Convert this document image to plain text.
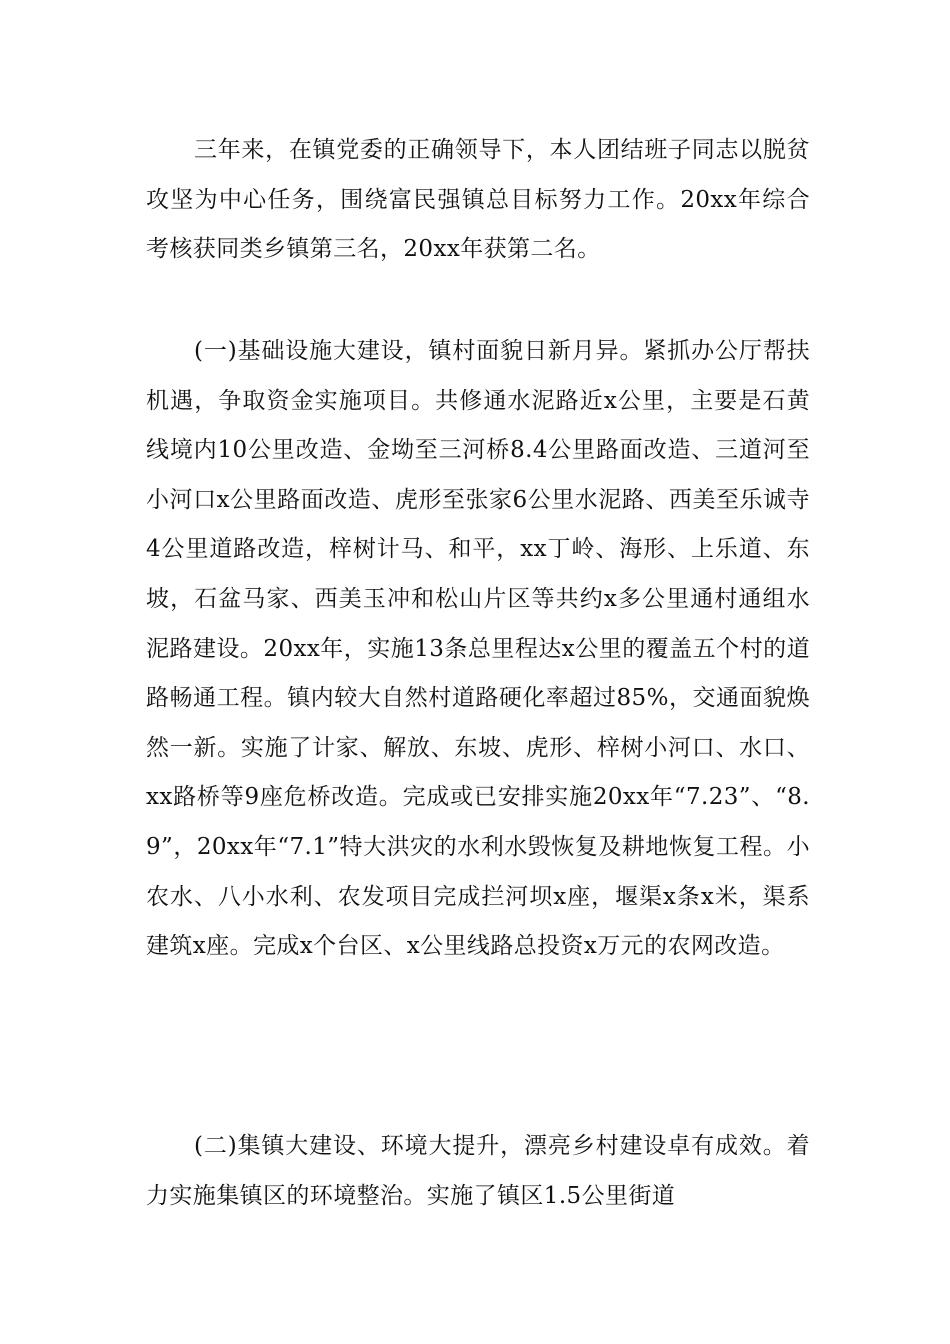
三年来，在镇党委的正确领导下，本人团结班子同志以脱贫攻坚为中心任务，围绕富民强镇总目标努力工作。20xx年综合考核获同类乡镇第三名，20xx年获第二名。

(一)基础设施大建设，镇村面貌日新月异。紧抓办公厅帮扶机遇，争取资金实施项目。共修通水泥路近x公里，主要是石黄线境内10公里改造、金坳至三河桥8.4公里路面改造、三道河至小河口x公里路面改造、虎形至张家6公里水泥路、西美至乐诚寺4公里道路改造，梓树计马、和平，xx丁岭、海形、上乐道、东坡，石盆马家、西美玉冲和松山片区等共约x多公里通村通组水泥路建设。20xx年，实施13条总里程达x公里的覆盖五个村的道路畅通工程。镇内较大自然村道路硬化率超过85%，交通面貌焕然一新。实施了计家、解放、东坡、虎形、梓树小河口、水口、xx路桥等9座危桥改造。完成或已安排实施20xx年“7.23”、“8.9”，20xx年“7.1”特大洪灾的水利水毁恢复及耕地恢复工程。小农水、八小水利、农发项目完成拦河坝x座，堰渠x条x米，渠系建筑x座。完成x个台区、x公里线路总投资x万元的农网改造。

(二)集镇大建设、环境大提升，漂亮乡村建设卓有成效。着力实施集镇区的环境整治。实施了镇区1.5公里街道
